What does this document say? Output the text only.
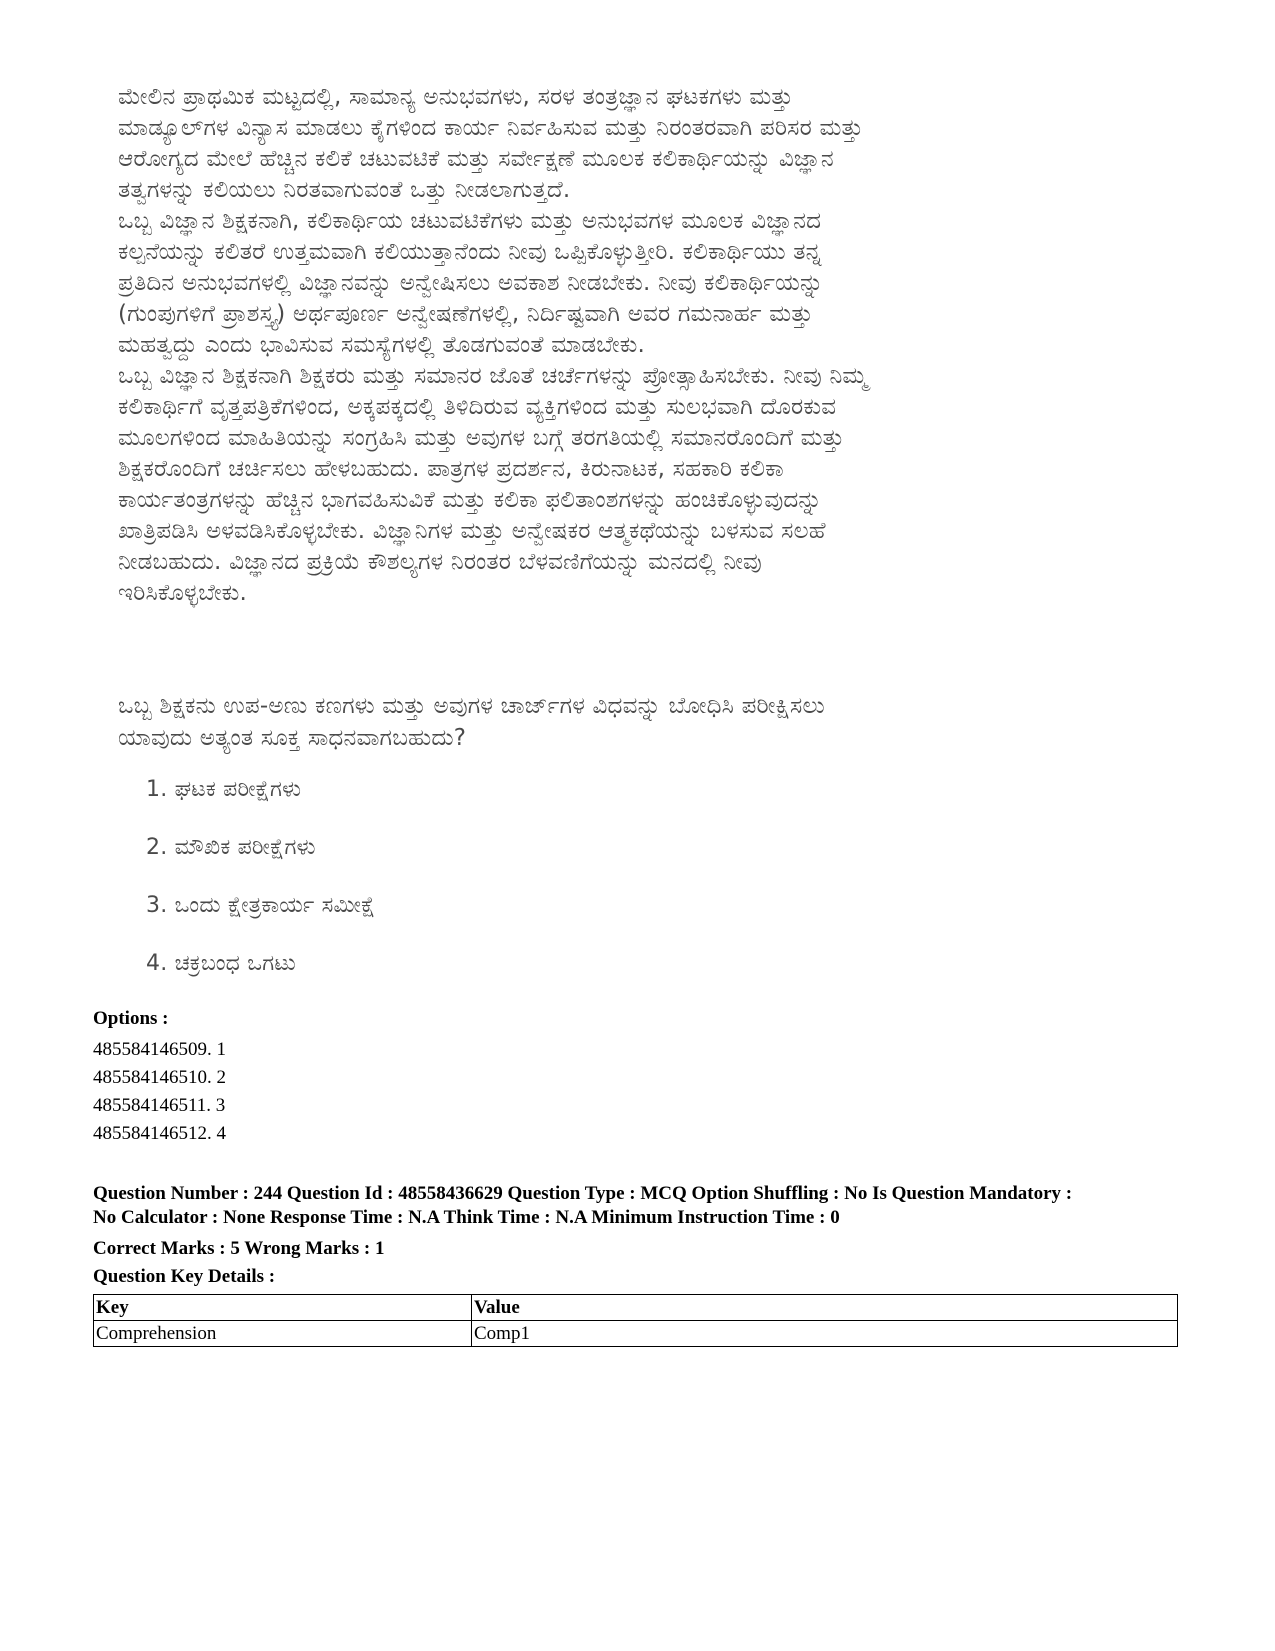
ಮೇಲಿನ ಪ್ರಾಥಮಿಕ ಮಟ್ಟದಲ್ಲಿ, ಸಾಮಾನ್ಯ ಅನುಭವಗಳು, ಸರಳ ತಂತ್ರಜ್ಞಾನ ಘಟಕಗಳು ಮತ್ತು
ಮಾಡ್ಯೂಲ್‌ಗಳ ವಿನ್ಯಾಸ ಮಾಡಲು ಕೈಗಳಿಂದ ಕಾರ್ಯ ನಿರ್ವಹಿಸುವ ಮತ್ತು ನಿರಂತರವಾಗಿ ಪರಿಸರ ಮತ್ತು
ಆರೋಗ್ಯದ ಮೇಲೆ ಹೆಚ್ಚಿನ ಕಲಿಕೆ ಚಟುವಟಿಕೆ ಮತ್ತು ಸರ್ವೇಕ್ಷಣೆ ಮೂಲಕ ಕಲಿಕಾರ್ಥಿಯನ್ನು ವಿಜ್ಞಾನ
ತತ್ವಗಳನ್ನು ಕಲಿಯಲು ನಿರತವಾಗುವಂತೆ ಒತ್ತು ನೀಡಲಾಗುತ್ತದೆ.
ಒಬ್ಬ ವಿಜ್ಞಾನ ಶಿಕ್ಷಕನಾಗಿ, ಕಲಿಕಾರ್ಥಿಯ ಚಟುವಟಿಕೆಗಳು ಮತ್ತು ಅನುಭವಗಳ ಮೂಲಕ ವಿಜ್ಞಾನದ
ಕಲ್ಪನೆಯನ್ನು ಕಲಿತರೆ ಉತ್ತಮವಾಗಿ ಕಲಿಯುತ್ತಾನೆಂದು ನೀವು ಒಪ್ಪಿಕೊಳ್ಳುತ್ತೀರಿ. ಕಲಿಕಾರ್ಥಿಯು ತನ್ನ
ಪ್ರತಿದಿನ ಅನುಭವಗಳಲ್ಲಿ ವಿಜ್ಞಾನವನ್ನು ಅನ್ವೇಷಿಸಲು ಅವಕಾಶ ನೀಡಬೇಕು. ನೀವು ಕಲಿಕಾರ್ಥಿಯನ್ನು
(ಗುಂಪುಗಳಿಗೆ ಪ್ರಾಶಸ್ತ್ಯ) ಅರ್ಥಪೂರ್ಣ ಅನ್ವೇಷಣೆಗಳಲ್ಲಿ, ನಿರ್ದಿಷ್ಟವಾಗಿ ಅವರ ಗಮನಾರ್ಹ ಮತ್ತು
ಮಹತ್ವದ್ದು ಎಂದು ಭಾವಿಸುವ ಸಮಸ್ಯೆಗಳಲ್ಲಿ ತೊಡಗುವಂತೆ ಮಾಡಬೇಕು.
ಒಬ್ಬ ವಿಜ್ಞಾನ ಶಿಕ್ಷಕನಾಗಿ ಶಿಕ್ಷಕರು ಮತ್ತು ಸಮಾನರ ಜೊತೆ ಚರ್ಚೆಗಳನ್ನು ಪ್ರೋತ್ಸಾಹಿಸಬೇಕು. ನೀವು ನಿಮ್ಮ
ಕಲಿಕಾರ್ಥಿಗೆ ವೃತ್ತಪತ್ರಿಕೆಗಳಿಂದ, ಅಕ್ಕಪಕ್ಕದಲ್ಲಿ ತಿಳಿದಿರುವ ವ್ಯಕ್ತಿಗಳಿಂದ ಮತ್ತು ಸುಲಭವಾಗಿ ದೊರಕುವ
ಮೂಲಗಳಿಂದ ಮಾಹಿತಿಯನ್ನು ಸಂಗ್ರಹಿಸಿ ಮತ್ತು ಅವುಗಳ ಬಗ್ಗೆ ತರಗತಿಯಲ್ಲಿ ಸಮಾನರೊಂದಿಗೆ ಮತ್ತು
ಶಿಕ್ಷಕರೊಂದಿಗೆ ಚರ್ಚಿಸಲು ಹೇಳಬಹುದು. ಪಾತ್ರಗಳ ಪ್ರದರ್ಶನ, ಕಿರುನಾಟಕ, ಸಹಕಾರಿ ಕಲಿಕಾ
ಕಾರ್ಯತಂತ್ರಗಳನ್ನು ಹೆಚ್ಚಿನ ಭಾಗವಹಿಸುವಿಕೆ ಮತ್ತು ಕಲಿಕಾ ಫಲಿತಾಂಶಗಳನ್ನು ಹಂಚಿಕೊಳ್ಳುವುದನ್ನು
ಖಾತ್ರಿಪಡಿಸಿ ಅಳವಡಿಸಿಕೊಳ್ಳಬೇಕು. ವಿಜ್ಞಾನಿಗಳ ಮತ್ತು ಅನ್ವೇಷಕರ ಆತ್ಮಕಥೆಯನ್ನು ಬಳಸುವ ಸಲಹೆ
ನೀಡಬಹುದು. ವಿಜ್ಞಾನದ ಪ್ರಕ್ರಿಯೆ ಕೌಶಲ್ಯಗಳ ನಿರಂತರ ಬೆಳವಣಿಗೆಯನ್ನು ಮನದಲ್ಲಿ ನೀವು
ಇರಿಸಿಕೊಳ್ಳಬೇಕು.
ಒಬ್ಬ ಶಿಕ್ಷಕನು ಉಪ-ಅಣು ಕಣಗಳು ಮತ್ತು ಅವುಗಳ ಚಾರ್ಜ್‌ಗಳ ವಿಧವನ್ನು ಬೋಧಿಸಿ ಪರೀಕ್ಷಿಸಲು
ಯಾವುದು ಅತ್ಯಂತ ಸೂಕ್ತ ಸಾಧನವಾಗಬಹುದು?
1. ಘಟಕ ಪರೀಕ್ಷೆಗಳು
2. ಮೌಖಿಕ ಪರೀಕ್ಷೆಗಳು
3. ಒಂದು ಕ್ಷೇತ್ರಕಾರ್ಯ ಸಮೀಕ್ಷೆ
4. ಚಕ್ರಬಂಧ ಒಗಟು
Options :
485584146509. 1
485584146510. 2
485584146511. 3
485584146512. 4
Question Number : 244 Question Id : 48558436629 Question Type : MCQ Option Shuffling : No Is Question Mandatory :
No Calculator : None Response Time : N.A Think Time : N.A Minimum Instruction Time : 0
Correct Marks : 5 Wrong Marks : 1
Question Key Details :
Key	Value
Comprehension	Comp1
